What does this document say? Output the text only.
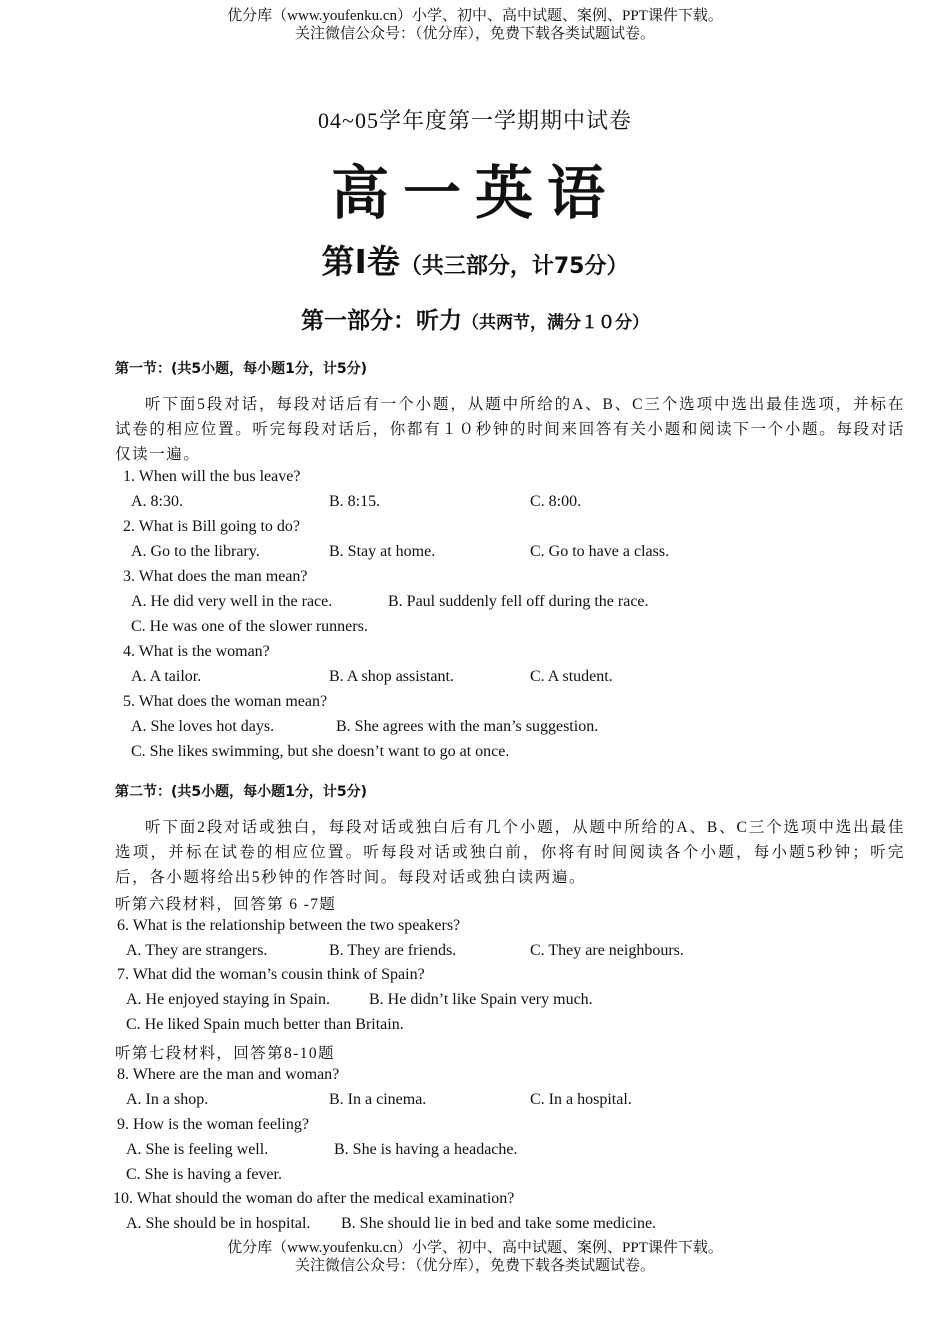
优分库（www.youfenku.cn）小学、初中、高中试题、案例、PPT课件下载。
关注微信公众号：（优分库），免费下载各类试题试卷。
04~05学年度第一学期期中试卷
高一英语
第Ⅰ卷（共三部分，计75分）
第一部分：听力（共两节，满分１０分）
第一节：(共5小题，每小题1分，计5分)
听下面5段对话，每段对话后有一个小题，从题中所给的A、B、C三个选项中选出最佳选项，并标在试卷的相应位置。听完每段对话后，你都有１０秒钟的时间来回答有关小题和阅读下一个小题。每段对话仅读一遍。
1. When will the bus leave?
A. 8:30.	B. 8:15.	C. 8:00.
2. What is Bill going to do?
A. Go to the library.	B. Stay at home.	C. Go to have a class.
3. What does the man mean?
A. He did very well in the race.	B. Paul suddenly fell off during the race.
C. He was one of the slower runners.
4. What is the woman?
A. A tailor.	B. A shop assistant.	C. A student.
5. What does the woman mean?
A. She loves hot days.	B. She agrees with the man’s suggestion.
C. She likes swimming, but she doesn’t want to go at once.
第二节：(共5小题，每小题1分，计5分)
听下面2段对话或独白，每段对话或独白后有几个小题，从题中所给的A、B、C三个选项中选出最佳选项，并标在试卷的相应位置。听每段对话或独白前，你将有时间阅读各个小题，每小题5秒钟；听完后，各小题将给出5秒钟的作答时间。每段对话或独白读两遍。
听第六段材料，回答第 6 -7题
6. What is the relationship between the two speakers?
A. They are strangers.	B. They are friends.	C. They are neighbours.
7. What did the woman’s cousin think of Spain?
A. He enjoyed staying in Spain. B. He didn’t like Spain very much.
C. He liked Spain much better than Britain.
听第七段材料，回答第8-10题
8. Where are the man and woman?
A. In a shop.	B. In a cinema.	C. In a hospital.
9. How is the woman feeling?
A. She is feeling well.	B. She is having a headache.
C. She is having a fever.
10. What should the woman do after the medical examination?
A. She should be in hospital. B. She should lie in bed and take some medicine.
优分库（www.youfenku.cn）小学、初中、高中试题、案例、PPT课件下载。
关注微信公众号：（优分库），免费下载各类试题试卷。
